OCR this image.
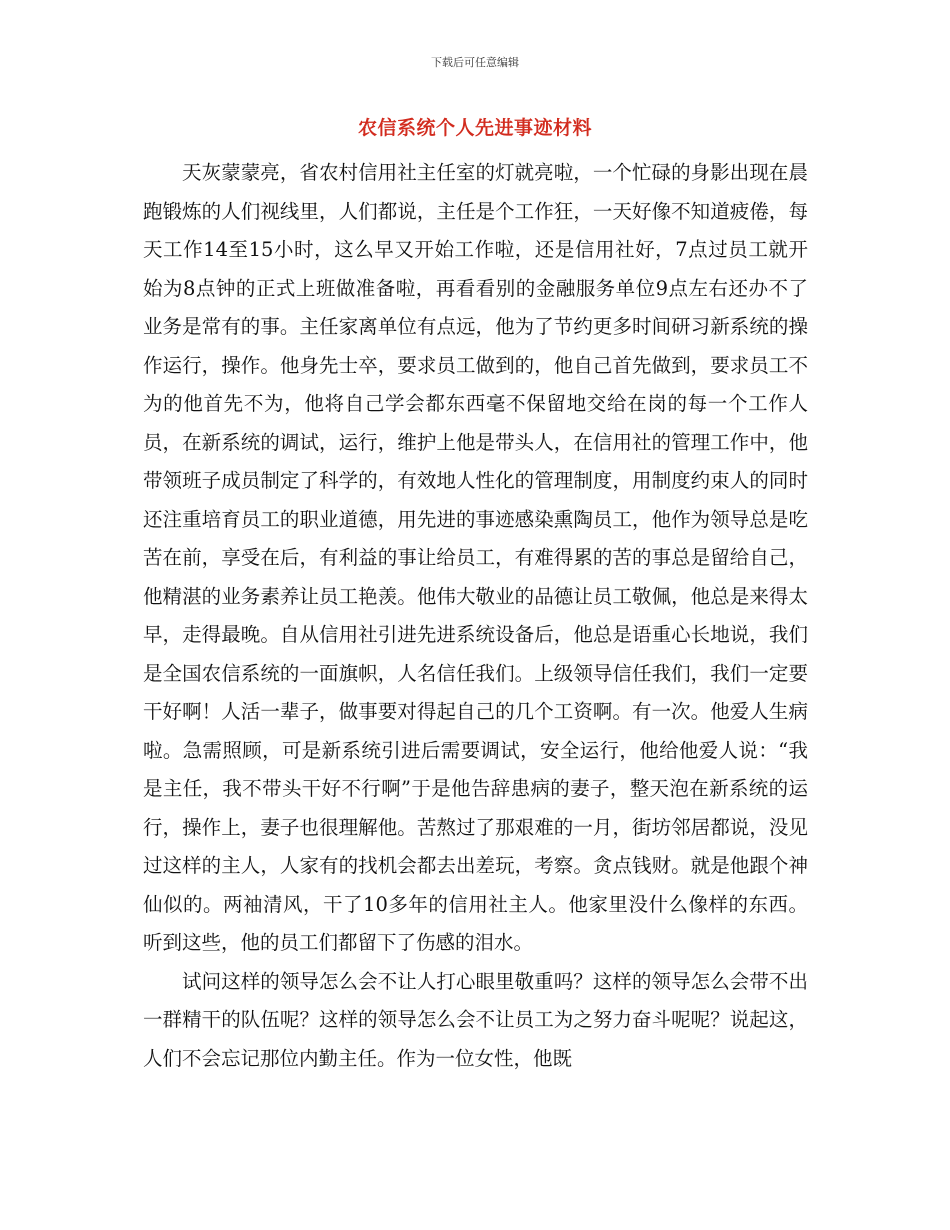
下载后可任意编辑
农信系统个人先进事迹材料

天灰蒙蒙亮，省农村信用社主任室的灯就亮啦，一个忙碌的身影出现在晨跑锻炼的人们视线里，人们都说，主任是个工作狂，一天好像不知道疲倦，每天工作14至15小时，这么早又开始工作啦，还是信用社好，7点过员工就开始为8点钟的正式上班做准备啦，再看看别的金融服务单位9点左右还办不了业务是常有的事。主任家离单位有点远，他为了节约更多时间研习新系统的操作运行，操作。他身先士卒，要求员工做到的，他自己首先做到，要求员工不为的他首先不为，他将自己学会都东西毫不保留地交给在岗的每一个工作人员，在新系统的调试，运行，维护上他是带头人，在信用社的管理工作中，他带领班子成员制定了科学的，有效地人性化的管理制度，用制度约束人的同时还注重培育员工的职业道德，用先进的事迹感染熏陶员工，他作为领导总是吃苦在前，享受在后，有利益的事让给员工，有难得累的苦的事总是留给自己，他精湛的业务素养让员工艳羡。他伟大敬业的品德让员工敬佩，他总是来得太早，走得最晚。自从信用社引进先进系统设备后，他总是语重心长地说，我们是全国农信系统的一面旗帜，人名信任我们。上级领导信任我们，我们一定要干好啊！人活一辈子，做事要对得起自己的几个工资啊。有一次。他爱人生病啦。急需照顾，可是新系统引进后需要调试，安全运行，他给他爱人说：“我是主任，我不带头干好不行啊”于是他告辞患病的妻子，整天泡在新系统的运行，操作上，妻子也很理解他。苦熬过了那艰难的一月，街坊邻居都说，没见过这样的主人，人家有的找机会都去出差玩，考察。贪点钱财。就是他跟个神仙似的。两袖清风，干了10多年的信用社主人。他家里没什么像样的东西。听到这些，他的员工们都留下了伤感的泪水。

试问这样的领导怎么会不让人打心眼里敬重吗？这样的领导怎么会带不出一群精干的队伍呢？这样的领导怎么会不让员工为之努力奋斗呢呢？说起这，人们不会忘记那位内勤主任。作为一位女性，他既
